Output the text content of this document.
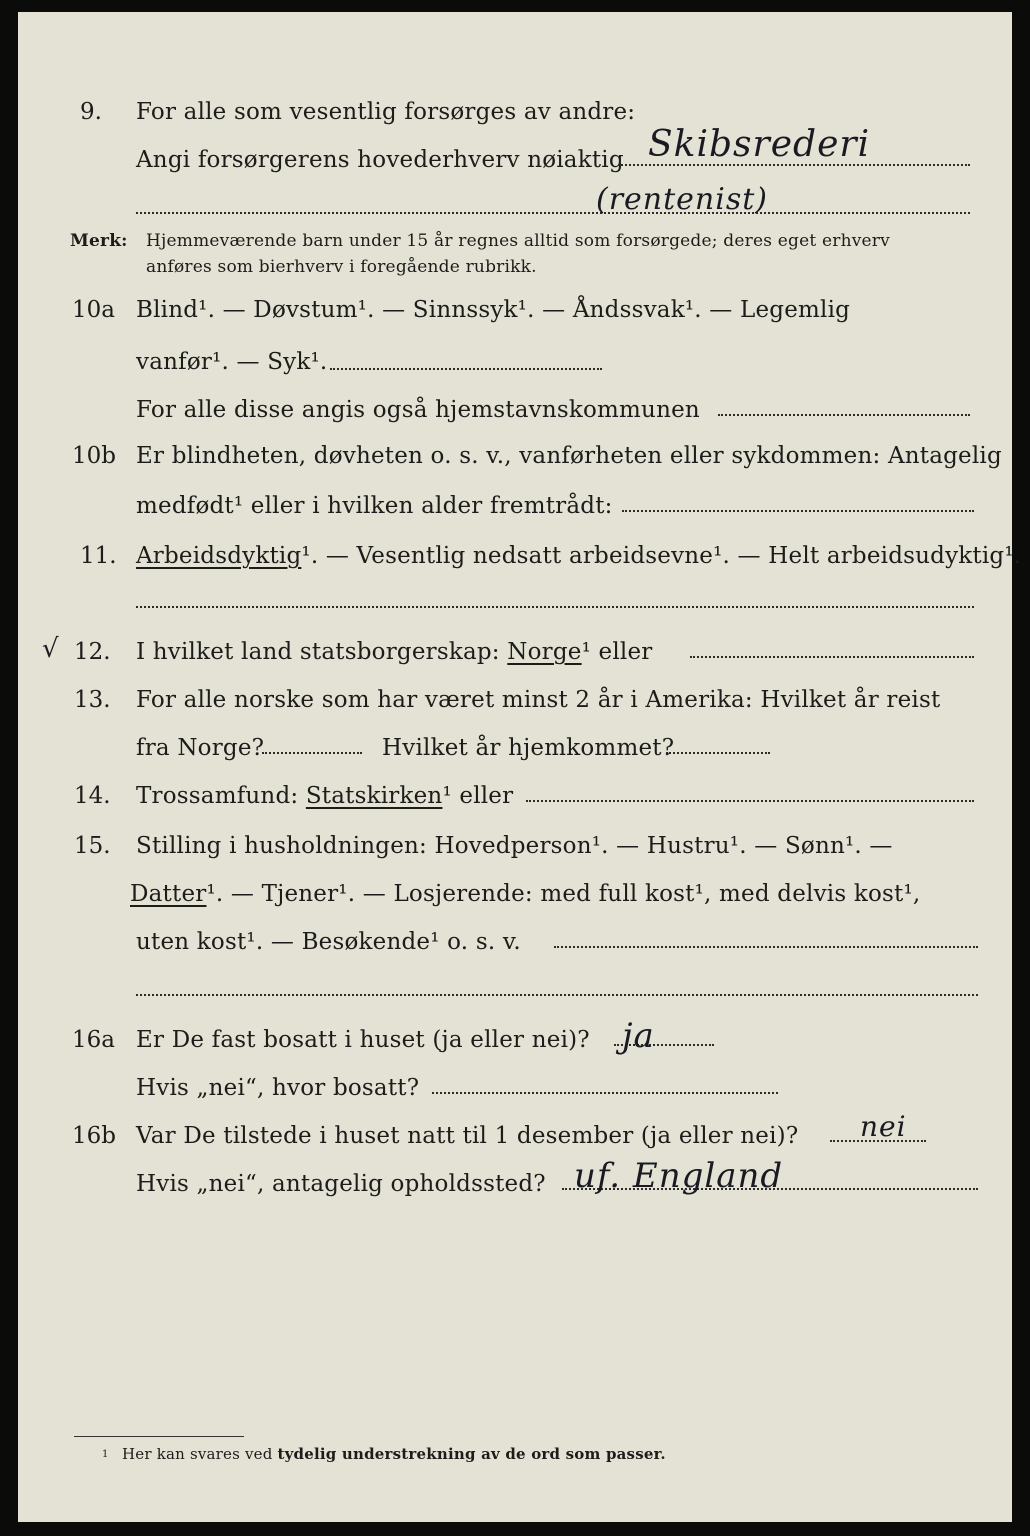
9. For alle som vesentlig forsørges av andre:
Angi forsørgerens hovederhverv nøiaktig Skibsrederi
(rentenist)
Merk: Hjemmeværende barn under 15 år regnes alltid som forsørgede; deres eget erhverv
anføres som bierhverv i foregående rubrikk.
10a Blind¹. — Døvstum¹. — Sinnssyk¹. — Åndssvak¹. — Legemlig
vanfør¹. — Syk¹.
For alle disse angis også hjemstavnskommunen
10b Er blindheten, døvheten o. s. v., vanførheten eller sykdommen: Antagelig
medfødt¹ eller i hvilken alder fremtrådt:
11. Arbeidsdyktig¹. — Vesentlig nedsatt arbeidsevne¹. — Helt arbeidsudyktig¹.
√ 12. I hvilket land statsborgerskap: Norge¹ eller
13. For alle norske som har været minst 2 år i Amerika: Hvilket år reist
fra Norge?	Hvilket år hjemkommet?
14. Trossamfund: Statskirken¹ eller
15. Stilling i husholdningen: Hovedperson¹. — Hustru¹. — Sønn¹. —
Datter¹. — Tjener¹. — Losjerende: med full kost¹, med delvis kost¹,
uten kost¹. — Besøkende¹ o. s. v.
16a Er De fast bosatt i huset (ja eller nei)? ja
Hvis „nei“, hvor bosatt?
16b Var De tilstede i huset natt til 1 desember (ja eller nei)? nei
Hvis „nei“, antagelig opholdssted? uf. England
1 Her kan svares ved tydelig understrekning av de ord som passer.
